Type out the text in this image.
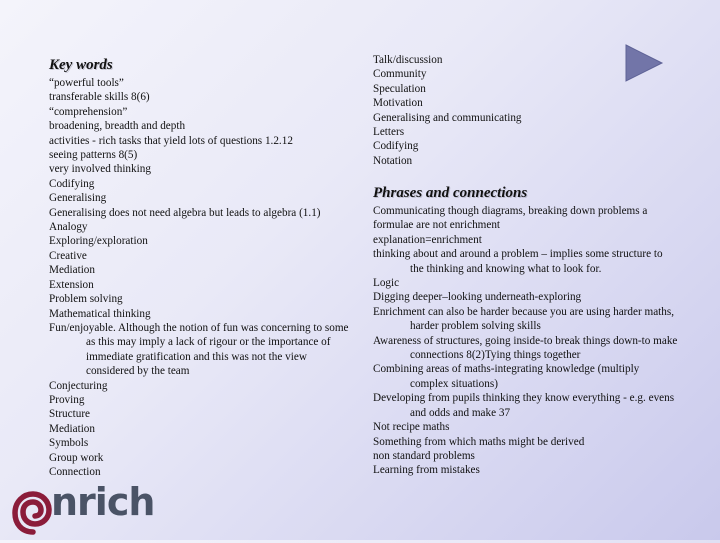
Key words
“powerful tools”
transferable skills 8(6)
“comprehension”
broadening, breadth and depth
activities - rich tasks that yield lots of questions 1.2.12
seeing patterns 8(5)
very involved thinking
Codifying
Generalising
Generalising does not need algebra but leads to algebra (1.1)
Analogy
Exploring/exploration
Creative
Mediation
Extension
Problem solving
Mathematical thinking
Fun/enjoyable. Although the notion of fun was concerning to some as this may imply a lack of rigour or the importance of immediate gratification and this was not the view considered by the team
Conjecturing
Proving
Structure
Mediation
Symbols
Group work
Connection
Talk/discussion
Community
Speculation
Motivation
Generalising and communicating
Letters
Codifying
Notation
Phrases and connections
Communicating though diagrams, breaking down problems a
formulae are not enrichment
explanation=enrichment
thinking about and around a problem – implies some structure to the thinking and knowing what to look for.
Logic
Digging deeper–looking underneath-exploring
Enrichment can also be harder because you are using harder maths, harder problem solving skills
Awareness of structures, going inside-to break things down-to make connections 8(2)Tying things together
Combining areas of maths-integrating knowledge (multiply complex situations)
Developing from pupils thinking they know everything - e.g. evens and odds and make 37
Not recipe maths
Something from which maths might be derived
non standard problems
Learning from mistakes
nrich
